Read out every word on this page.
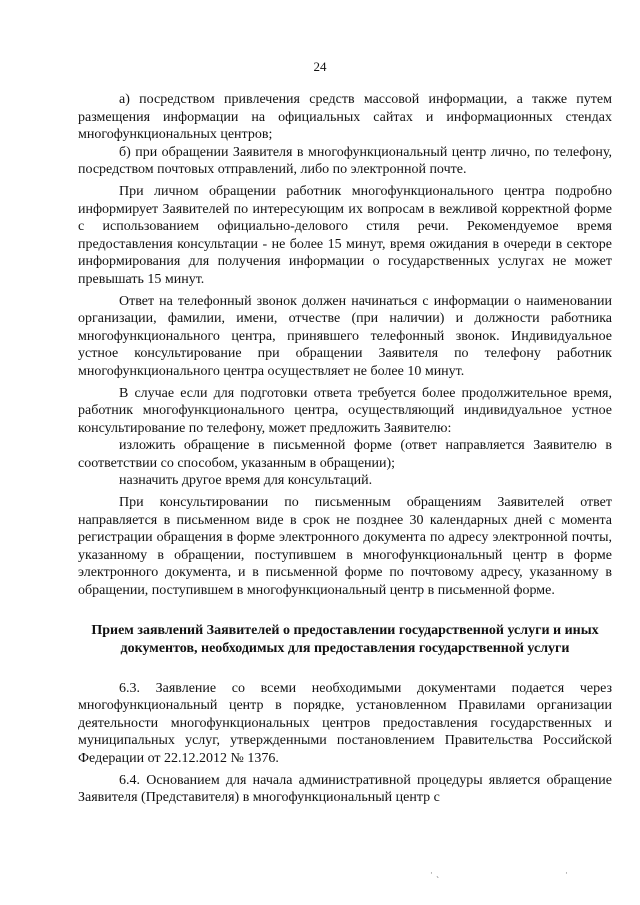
24

а) посредством привлечения средств массовой информации, а также путем размещения информации на официальных сайтах и информационных стендах многофункциональных центров;

б) при обращении Заявителя в многофункциональный центр лично, по телефону, посредством почтовых отправлений, либо по электронной почте.

При личном обращении работник многофункционального центра подробно информирует Заявителей по интересующим их вопросам в вежливой корректной форме с использованием официально-делового стиля речи. Рекомендуемое время предоставления консультации - не более 15 минут, время ожидания в очереди в секторе информирования для получения информации о государственных услугах не может превышать 15 минут.

Ответ на телефонный звонок должен начинаться с информации о наименовании организации, фамилии, имени, отчестве (при наличии) и должности работника многофункционального центра, принявшего телефонный звонок. Индивидуальное устное консультирование при обращении Заявителя по телефону работник многофункционального центра осуществляет не более 10 минут.

В случае если для подготовки ответа требуется более продолжительное время, работник многофункционального центра, осуществляющий индивидуальное устное консультирование по телефону, может предложить Заявителю:

изложить обращение в письменной форме (ответ направляется Заявителю в соответствии со способом, указанным в обращении);

назначить другое время для консультаций.

При консультировании по письменным обращениям Заявителей ответ направляется в письменном виде в срок не позднее 30 календарных дней с момента регистрации обращения в форме электронного документа по адресу электронной почты, указанному в обращении, поступившем в многофункциональный центр в форме электронного документа, и в письменной форме по почтовому адресу, указанному в обращении, поступившем в многофункциональный центр в письменной форме.

Прием заявлений Заявителей о предоставлении государственной услуги и иных документов, необходимых для предоставления государственной услуги

6.3. Заявление со всеми необходимыми документами подается через многофункциональный центр в порядке, установленном Правилами организации деятельности многофункциональных центров предоставления государственных и муниципальных услуг, утвержденными постановлением Правительства Российской Федерации от 22.12.2012 № 1376.

6.4. Основанием для начала административной процедуры является обращение Заявителя (Представителя) в многофункциональный центр с

‧ ˎ	‧
